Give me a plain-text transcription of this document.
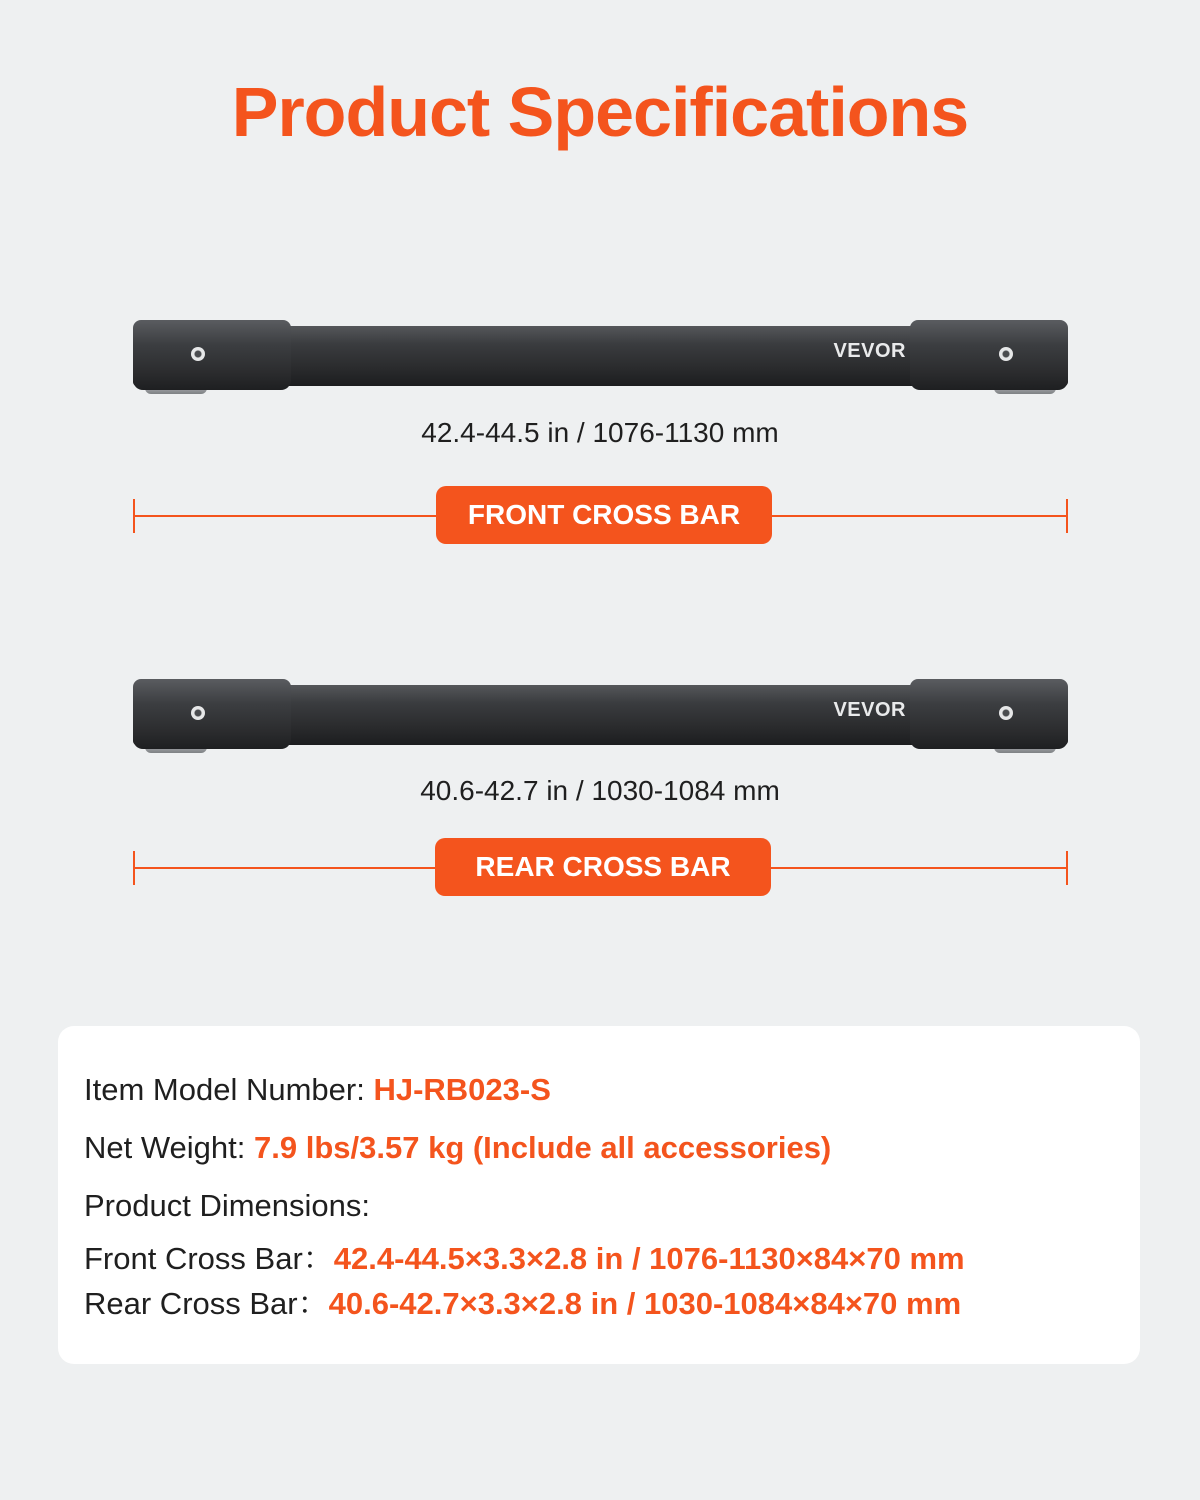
Product Specifications
VEVOR
42.4-44.5 in / 1076-1130 mm
FRONT CROSS BAR
VEVOR
40.6-42.7 in / 1030-1084 mm
REAR CROSS BAR
Item Model Number: HJ-RB023-S
Net Weight: 7.9 lbs/3.57 kg (Include all accessories)
Product Dimensions:
Front Cross Bar：42.4-44.5×3.3×2.8 in / 1076-1130×84×70 mm
Rear Cross Bar：40.6-42.7×3.3×2.8 in / 1030-1084×84×70 mm
